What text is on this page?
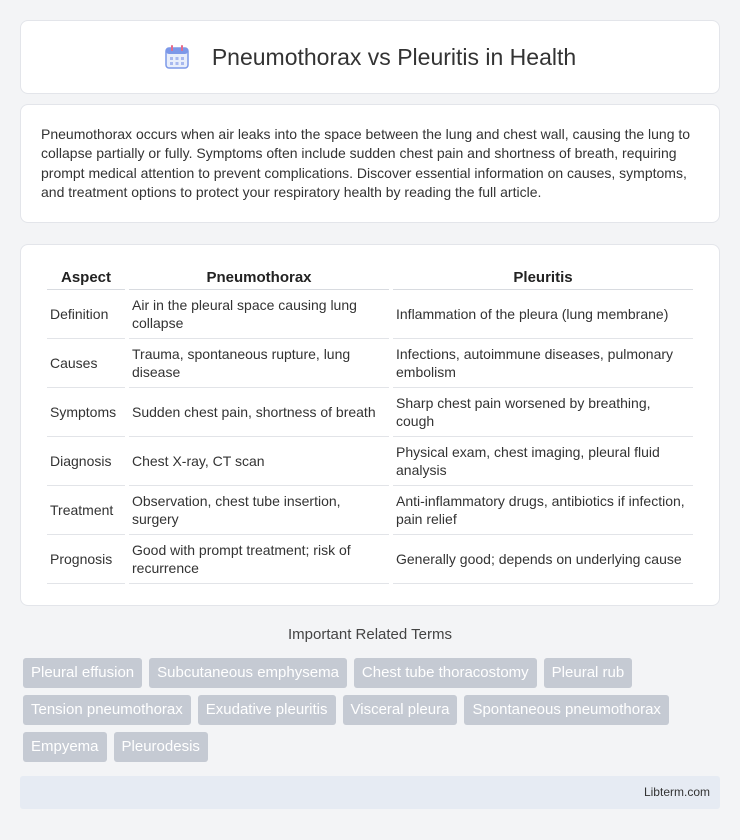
Pneumothorax vs Pleuritis in Health

Pneumothorax occurs when air leaks into the space between the lung and chest wall, causing the lung to collapse partially or fully. Symptoms often include sudden chest pain and shortness of breath, requiring prompt medical attention to prevent complications. Discover essential information on causes, symptoms, and treatment options to protect your respiratory health by reading the full article.

Aspect	Pneumothorax	Pleuritis
Definition	Air in the pleural space causing lung collapse	Inflammation of the pleura (lung membrane)
Causes	Trauma, spontaneous rupture, lung disease	Infections, autoimmune diseases, pulmonary embolism
Symptoms	Sudden chest pain, shortness of breath	Sharp chest pain worsened by breathing, cough
Diagnosis	Chest X-ray, CT scan	Physical exam, chest imaging, pleural fluid analysis
Treatment	Observation, chest tube insertion, surgery	Anti-inflammatory drugs, antibiotics if infection, pain relief
Prognosis	Good with prompt treatment; risk of recurrence	Generally good; depends on underlying cause
Important Related Terms
Pleural effusion	Subcutaneous emphysema	Chest tube thoracostomy	Pleural rub
Tension pneumothorax	Exudative pleuritis	Visceral pleura	Spontaneous pneumothorax
Empyema	Pleurodesis
Libterm.com
